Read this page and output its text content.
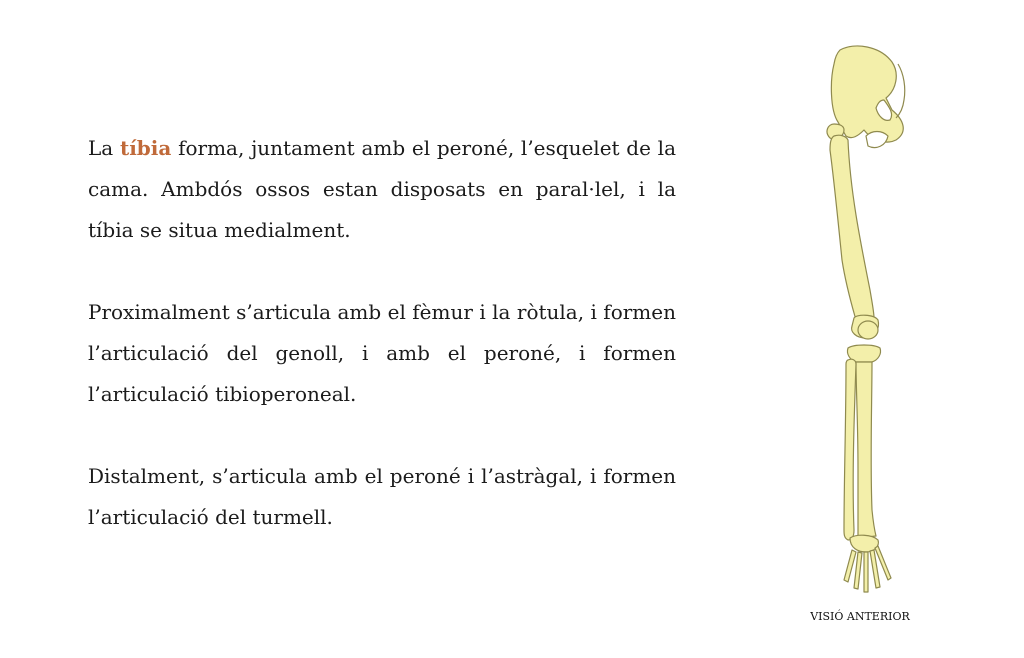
La tíbia forma, juntament amb el peroné, l’esquelet de la cama. Ambdós ossos estan disposats en paral·lel, i la tíbia se situa medialment.

Proximalment s’articula amb el fèmur i la ròtula, i formen l’articulació del genoll, i amb el peroné, i formen l’articulació tibioperoneal.

Distalment, s’articula amb el peroné i l’astràgal, i formen l’articulació del turmell.

VISIÓ ANTERIOR
